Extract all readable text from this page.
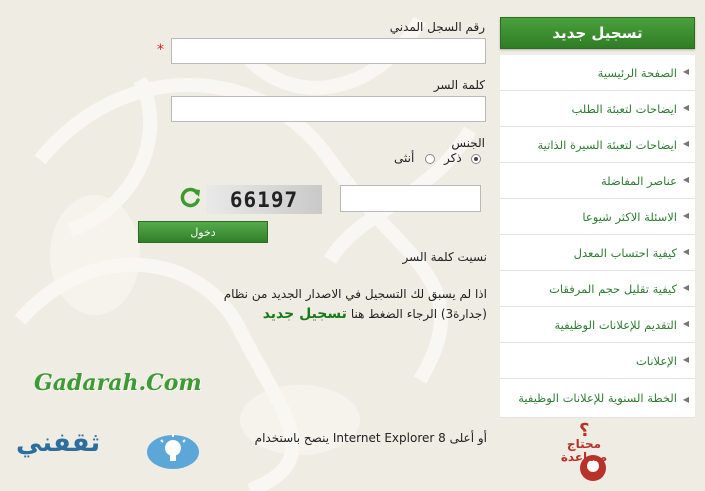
تسجيل جديد
◀
الصفحة الرئيسية
◀
ايضاحات لتعبئة الطلب
◀
ايضاحات لتعبئة السيرة الذاتية
◀
عناصر المفاضلة
◀
الاسئلة الاكثر شيوعا
◀
كيفية احتساب المعدل
◀
كيفية تقليل حجم المرفقات
◀
التقديم للإعلانات الوظيفية
◀
الإعلانات
◀
الخطة السنوية للإعلانات الوظيفية
رقم السجل المدني
*
كلمة السر
الجنس
ذكر
أنثى
66197
دخول
نسيت كلمة السر
اذا لم يسبق لك التسجيل في الاصدار الجديد من نظام
(جدارة3) الرجاء الضغط هنا
تسجيل جديد
Gadarah.Com
ينصح باستخدام Internet Explorer 8 أو أعلى
ثقفني	؟
محتاج
مساعدة
